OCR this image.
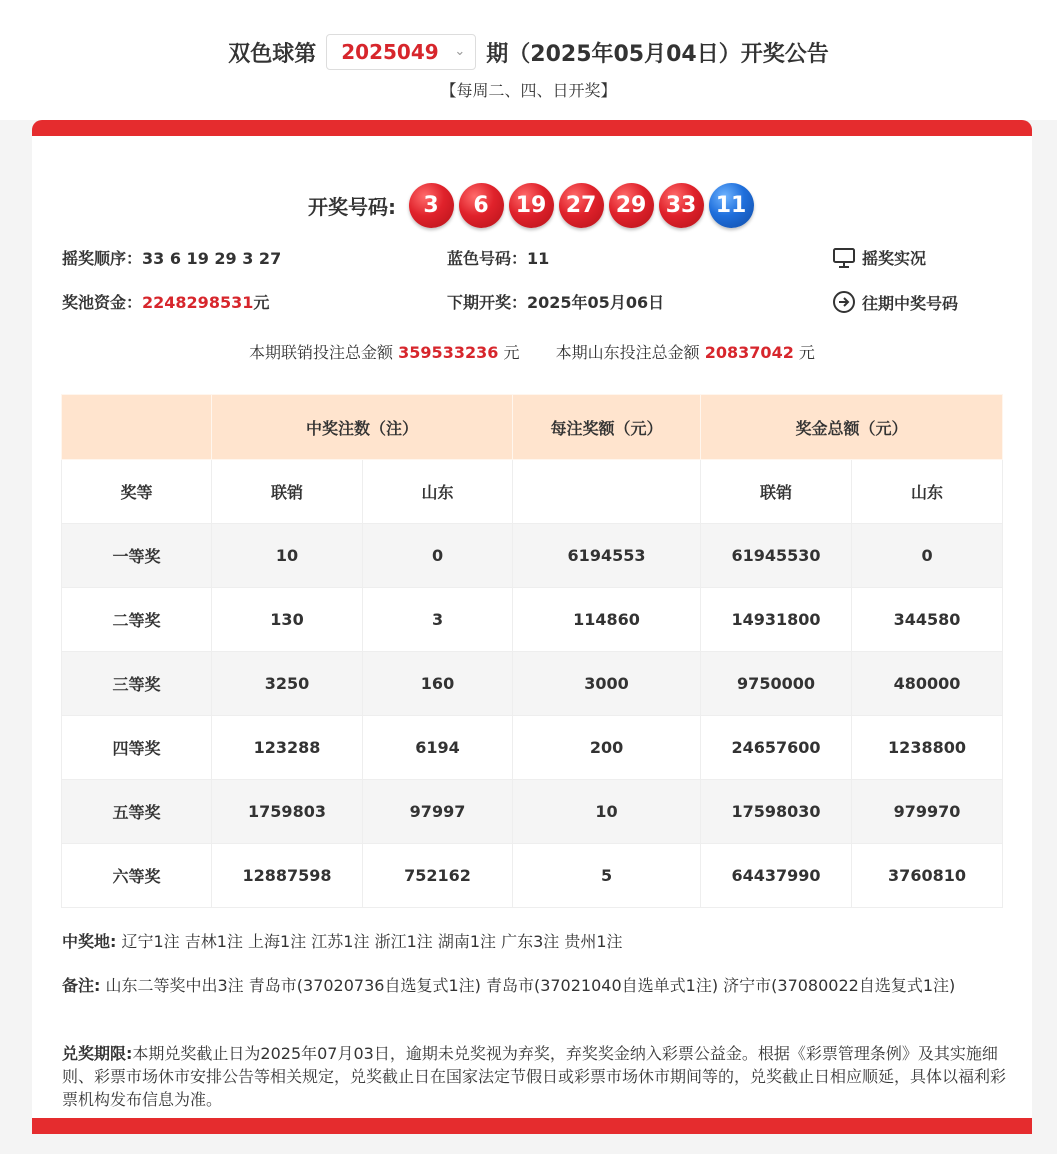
双色球第 2025049 ⌄ 期（2025年05月04日）开奖公告
【每周二、四、日开奖】
开奖号码:	3	6	19 27 29 33 11
摇奖顺序：33 6 19 29 3 27	蓝色号码：11	摇奖实况
奖池资金：2248298531元	下期开奖：2025年05月06日	往期中奖号码
本期联销投注总金额 359533236 元 本期山东投注总金额 20837042 元
	中奖注数（注）		每注奖额（元）	奖金总额（元）	
奖等	联销	山东		联销	山东
一等奖	10	0	6194553	61945530	0
二等奖	130	3	114860	14931800	344580
三等奖	3250	160	3000	9750000	480000
四等奖	123288	6194	200	24657600	1238800
五等奖	1759803	97997	10	17598030	979970
六等奖	12887598	752162	5	64437990	3760810
中奖地: 辽宁1注 吉林1注 上海1注 江苏1注 浙江1注 湖南1注 广东3注 贵州1注
备注: 山东二等奖中出3注 青岛市(37020736自选复式1注) 青岛市(37021040自选单式1注) 济宁市(37080022自选复式1注)
兑奖期限:本期兑奖截止日为2025年07月03日，逾期未兑奖视为弃奖，弃奖奖金纳入彩票公益金。根据《彩票管理条例》及其实施细则、彩票市场休市安排公告等相关规定，兑奖截止日在国家法定节假日或彩票市场休市期间等的，兑奖截止日相应顺延，具体以福利彩票机构发布信息为准。
